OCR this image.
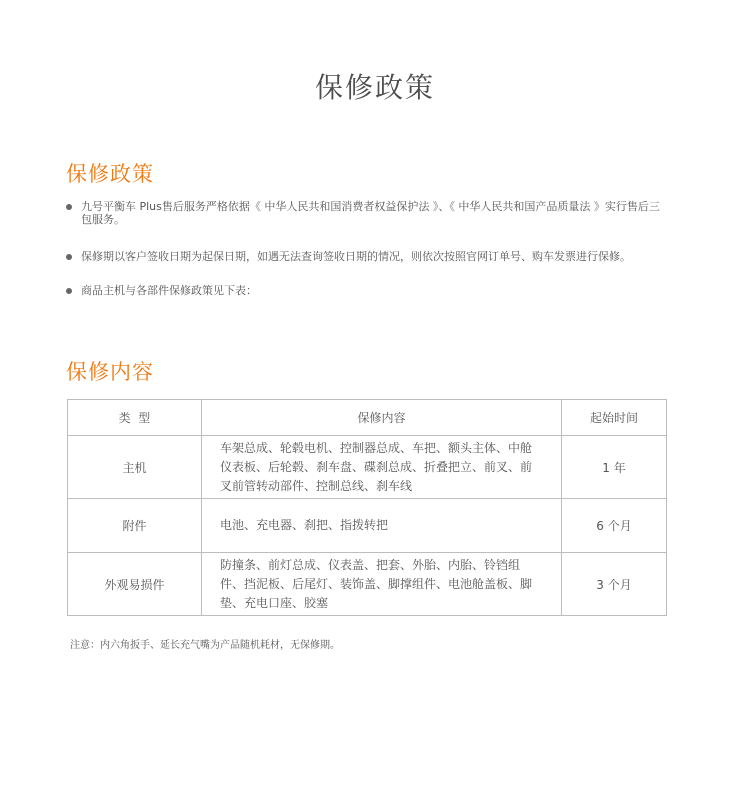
保修政策
保修政策
九号平衡车 Plus售后服务严格依据《 中华人民共和国消费者权益保护法 》、《 中华人民共和国产品质量法 》实行售后三包服务。
保修期以客户签收日期为起保日期，如遇无法查询签收日期的情况，则依次按照官网订单号、购车发票进行保修。
商品主机与各部件保修政策见下表：
保修内容
类  型	保修内容	起始时间
主机	车架总成、轮毂电机、控制器总成、车把、额头主体、中舱仪表板、后轮毂、刹车盘、碟刹总成、折叠把立、前叉、前叉前管转动部件、控制总线、刹车线	1 年
附件	电池、充电器、刹把、指拨转把	6 个月
外观易损件	防撞条、前灯总成、仪表盖、把套、外胎、内胎、铃铛组件、挡泥板、后尾灯、装饰盖、脚撑组件、电池舱盖板、脚垫、充电口座、胶塞	3 个月

注意：内六角扳手、延长充气嘴为产品随机耗材，无保修期。
